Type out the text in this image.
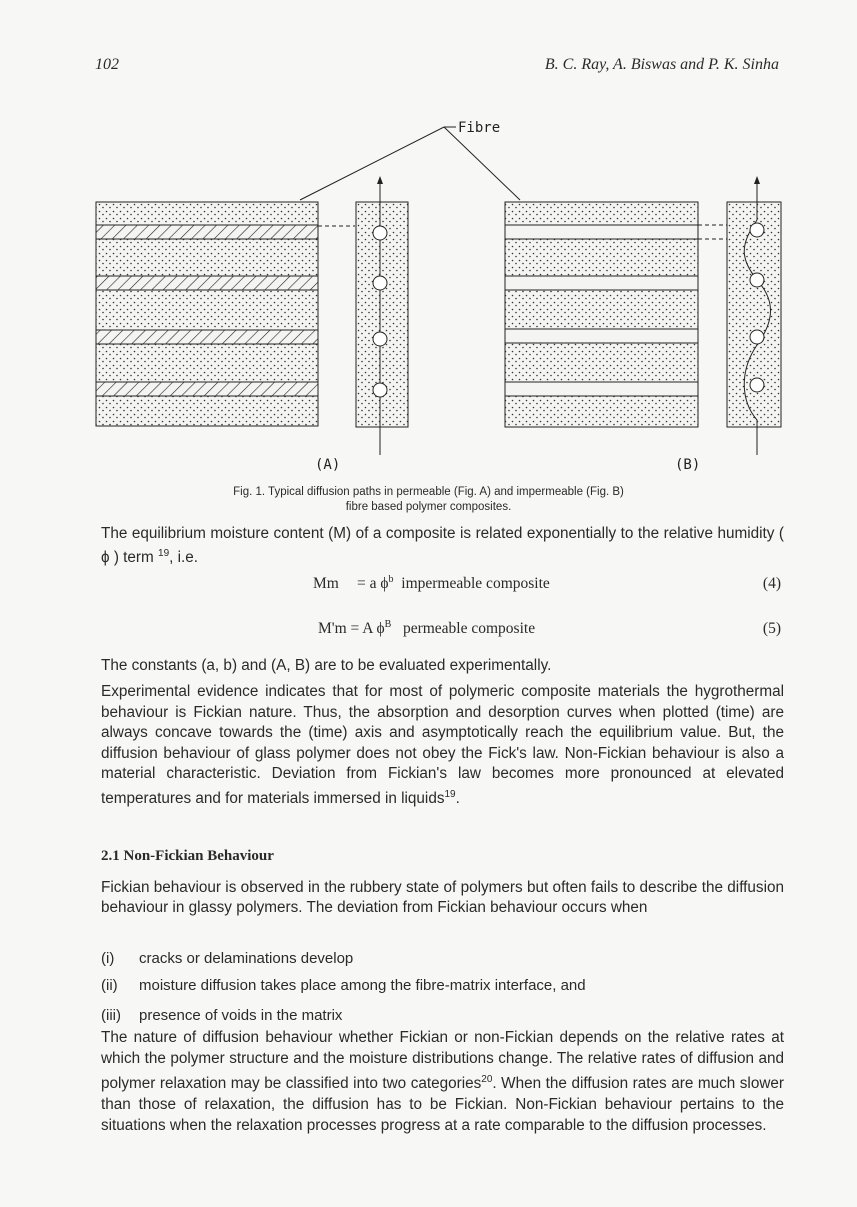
102	B. C. Ray, A. Biswas and P. K. Sinha
Fibre
(A)	(B)
Fig. 1. Typical diffusion paths in permeable (Fig. A) and impermeable (Fig. B)
fibre based polymer composites.
The equilibrium moisture content (M) of a composite is related exponentially to the relative humidity ( ϕ ) term $^{19}$, i.e.
Mm = a $\phi^b$ impermeable composite	(4)
M'm = A $\phi^B$ permeable composite	(5)
The constants (a, b) and (A, B) are to be evaluated experimentally.
Experimental evidence indicates that for most of polymeric composite materials the hygrothermal behaviour is Fickian nature. Thus, the absorption and desorption curves when plotted (time) are always concave towards the (time) axis and asymptotically reach the equilibrium value. But, the diffusion behaviour of glass polymer does not obey the Fick's law. Non-Fickian behaviour is also a material characteristic. Deviation from Fickian's law becomes more pronounced at elevated temperatures and for materials immersed in liquids$^{19}$.
2.1 Non-Fickian Behaviour
Fickian behaviour is observed in the rubbery state of polymers but often fails to describe the diffusion behaviour in glassy polymers. The deviation from Fickian behaviour occurs when
(i) cracks or delaminations develop
(ii) moisture diffusion takes place among the fibre-matrix interface, and
(iii) presence of voids in the matrix
The nature of diffusion behaviour whether Fickian or non-Fickian depends on the relative rates at which the polymer structure and the moisture distributions change. The relative rates of diffusion and polymer relaxation may be classified into two categories$^{20}$. When the diffusion rates are much slower than those of relaxation, the diffusion has to be Fickian. Non-Fickian behaviour pertains to the situations when the relaxation processes progress at a rate comparable to the diffusion processes.
